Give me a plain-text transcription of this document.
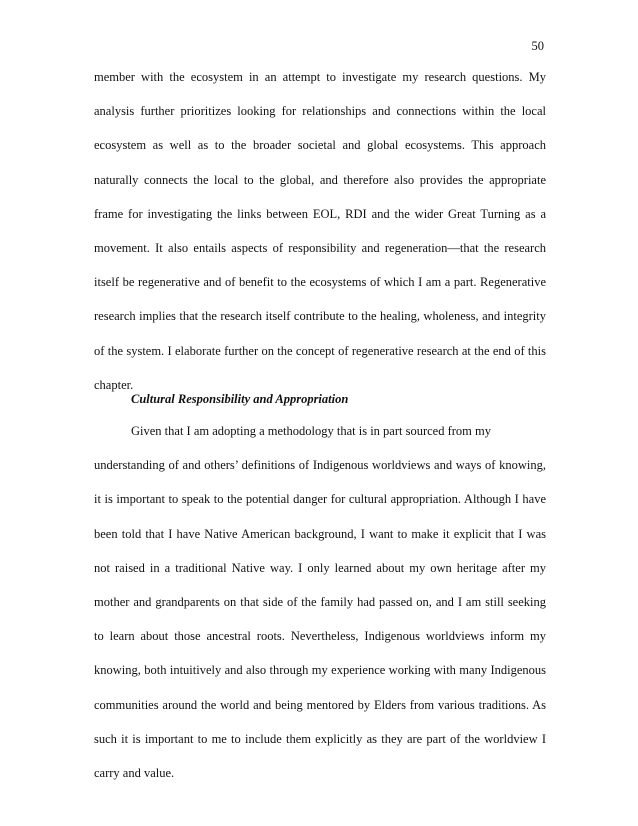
50
member with the ecosystem in an attempt to investigate my research questions. My
analysis further prioritizes looking for relationships and connections within the local
ecosystem as well as to the broader societal and global ecosystems. This approach
naturally connects the local to the global, and therefore also provides the appropriate
frame for investigating the links between EOL, RDI and the wider Great Turning as a
movement. It also entails aspects of responsibility and regeneration—that the research
itself be regenerative and of benefit to the ecosystems of which I am a part. Regenerative
research implies that the research itself contribute to the healing, wholeness, and integrity
of the system. I elaborate further on the concept of regenerative research at the end of this
chapter.
Cultural Responsibility and Appropriation
Given that I am adopting a methodology that is in part sourced from my
understanding of and others’ definitions of Indigenous worldviews and ways of knowing,
it is important to speak to the potential danger for cultural appropriation. Although I have
been told that I have Native American background, I want to make it explicit that I was
not raised in a traditional Native way. I only learned about my own heritage after my
mother and grandparents on that side of the family had passed on, and I am still seeking
to learn about those ancestral roots. Nevertheless, Indigenous worldviews inform my
knowing, both intuitively and also through my experience working with many Indigenous
communities around the world and being mentored by Elders from various traditions. As
such it is important to me to include them explicitly as they are part of the worldview I
carry and value.
